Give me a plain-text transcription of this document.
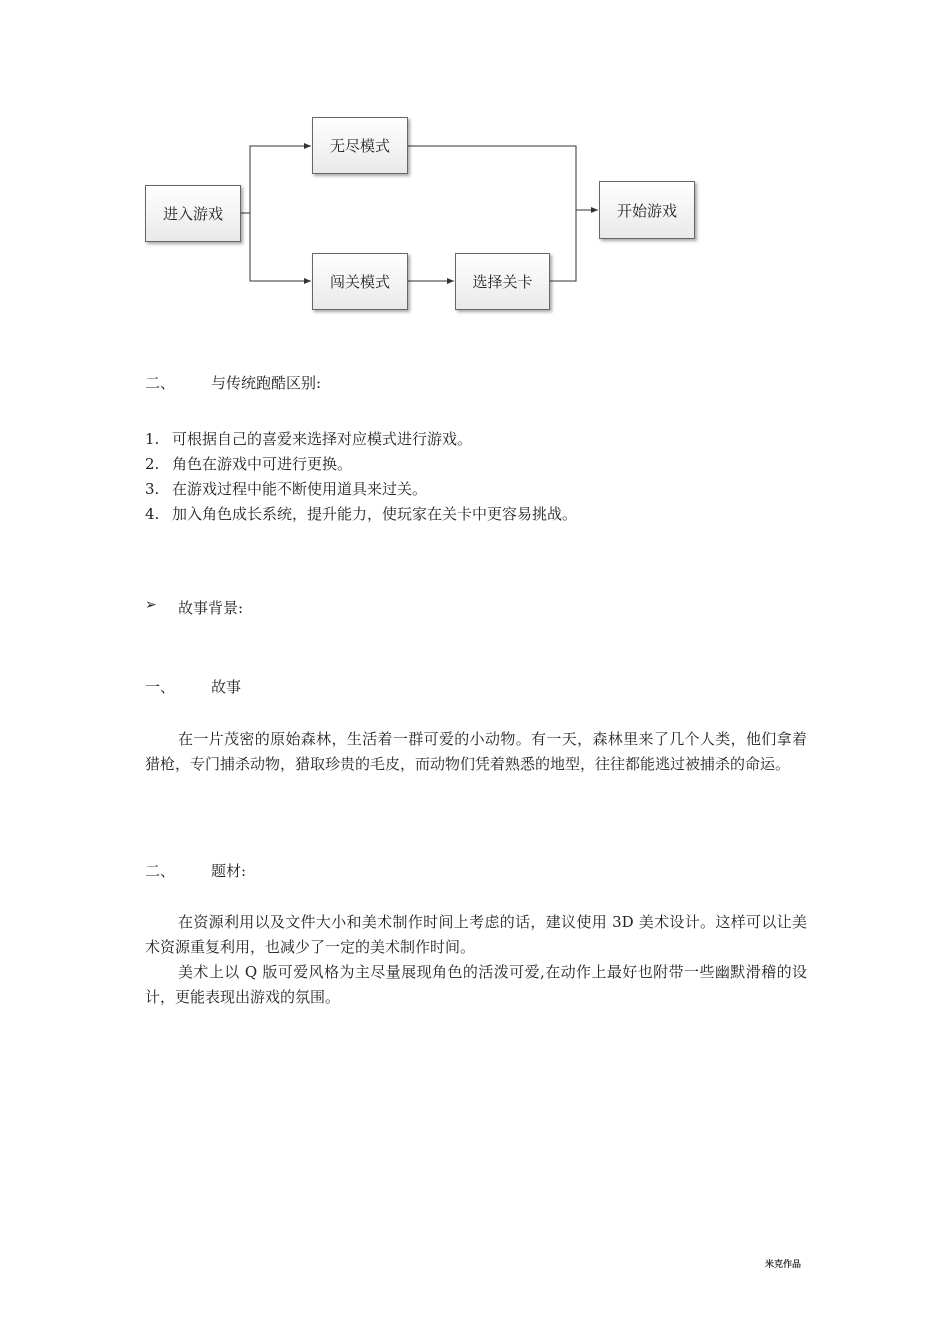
进入游戏
无尽模式
闯关模式	选择关卡
开始游戏
二、 与传统跑酷区别:
1. 可根据自己的喜爱来选择对应模式进行游戏。
2. 角色在游戏中可进行更换。
3. 在游戏过程中能不断使用道具来过关。
4. 加入角色成长系统，提升能力，使玩家在关卡中更容易挑战。
➢ 故事背景:
一、 故事

在一片茂密的原始森林，生活着一群可爱的小动物。有一天，森林里来了几个人类，他们拿着猎枪，专门捕杀动物，猎取珍贵的毛皮，而动物们凭着熟悉的地型，往往都能逃过被捕杀的命运。

二、 题材:

在资源利用以及文件大小和美术制作时间上考虑的话，建议使用 3D 美术设计。这样可以让美术资源重复利用，也减少了一定的美术制作时间。

美术上以 Q 版可爱风格为主尽量展现角色的活泼可爱,在动作上最好也附带一些幽默滑稽的设计，更能表现出游戏的氛围。

米克作品
